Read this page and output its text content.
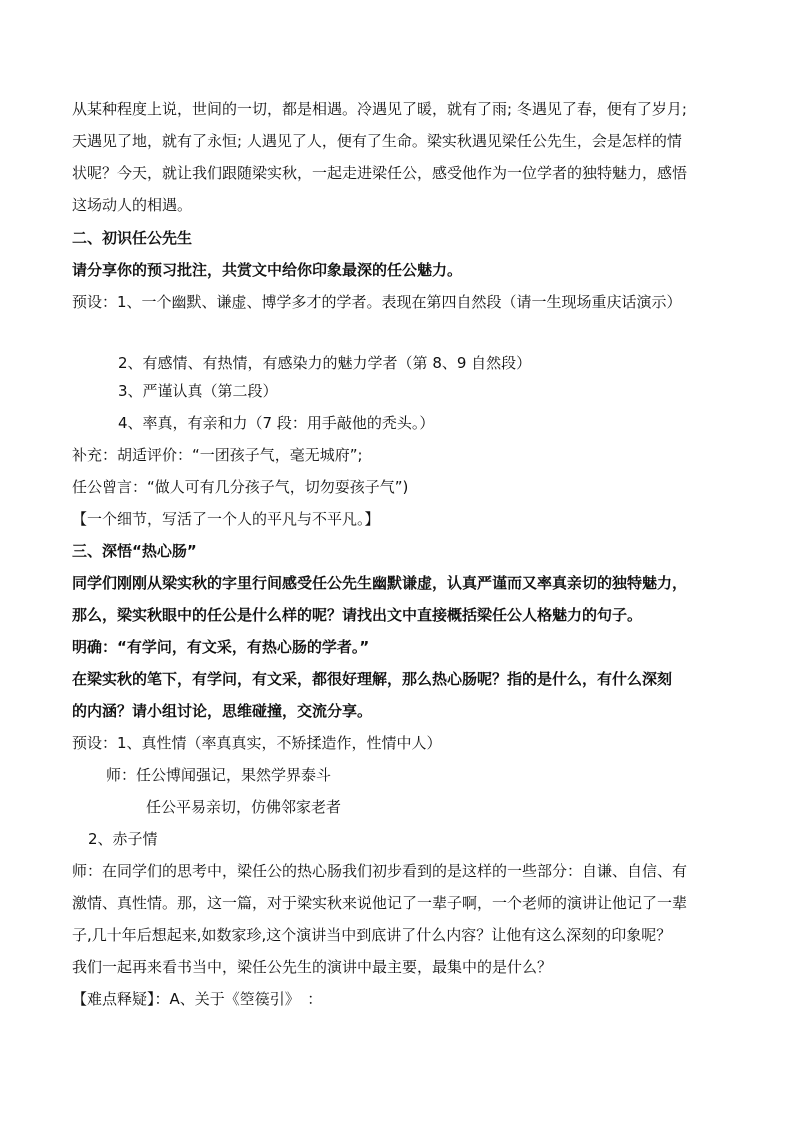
从某种程度上说，世间的一切，都是相遇。冷遇见了暖，就有了雨; 冬遇见了春，便有了岁月;
天遇见了地，就有了永恒; 人遇见了人，便有了生命。梁实秋遇见梁任公先生，会是怎样的情
状呢？今天，就让我们跟随梁实秋，一起走进梁任公，感受他作为一位学者的独特魅力，感悟
这场动人的相遇。
二、初识任公先生
请分享你的预习批注，共赏文中给你印象最深的任公魅力。
预设：1、一个幽默、谦虚、博学多才的学者。表现在第四自然段（请一生现场重庆话演示）
2、有感情、有热情，有感染力的魅力学者（第 8、9 自然段）
3、严谨认真（第二段）
4、率真，有亲和力（7 段：用手敲他的秃头。）
补充：胡适评价：“一团孩子气，毫无城府”;
任公曾言：“做人可有几分孩子气，切勿耍孩子气”)
【一个细节，写活了一个人的平凡与不平凡。】
三、深悟“热心肠”
同学们刚刚从梁实秋的字里行间感受任公先生幽默谦虚，认真严谨而又率真亲切的独特魅力，
那么，梁实秋眼中的任公是什么样的呢？请找出文中直接概括梁任公人格魅力的句子。
明确：“有学问，有文采，有热心肠的学者。”
在梁实秋的笔下，有学问，有文采，都很好理解，那么热心肠呢？指的是什么，有什么深刻
的内涵？请小组讨论，思维碰撞，交流分享。
预设：1、真性情（率真真实，不矫揉造作，性情中人）
师：任公博闻强记，果然学界泰斗
任公平易亲切，仿佛邻家老者
2、赤子情
师：在同学们的思考中，梁任公的热心肠我们初步看到的是这样的一些部分：自谦、自信、有
激情、真性情。那，这一篇，对于梁实秋来说他记了一辈子啊，一个老师的演讲让他记了一辈
子,几十年后想起来,如数家珍,这个演讲当中到底讲了什么内容？让他有这么深刻的印象呢？
我们一起再来看书当中，梁任公先生的演讲中最主要，最集中的是什么？
【难点释疑】：A、关于《箜篌引》　：
